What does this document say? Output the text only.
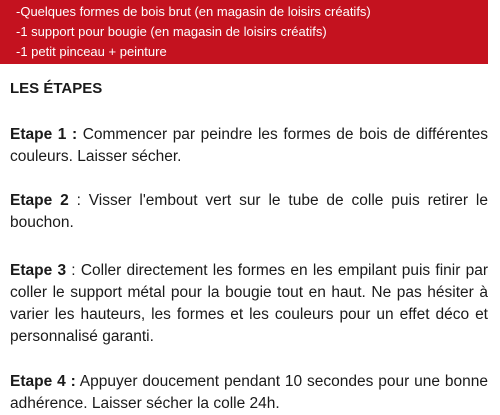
-Quelques formes de bois brut (en magasin de loisirs créatifs)
-1 support pour bougie (en magasin de loisirs créatifs)
-1 petit pinceau + peinture
LES ÉTAPES

Etape 1 : Commencer par peindre les formes de bois de différentes couleurs. Laisser sécher.

Etape 2 : Visser l'embout vert sur le tube de colle puis retirer le bouchon.

Etape 3 : Coller directement les formes en les empilant puis finir par coller le support métal pour la bougie tout en haut. Ne pas hésiter à varier les hauteurs, les formes et les couleurs pour un effet déco et personnalisé garanti.

Etape 4 : Appuyer doucement pendant 10 secondes pour une bonne adhérence. Laisser sécher la colle 24h.
